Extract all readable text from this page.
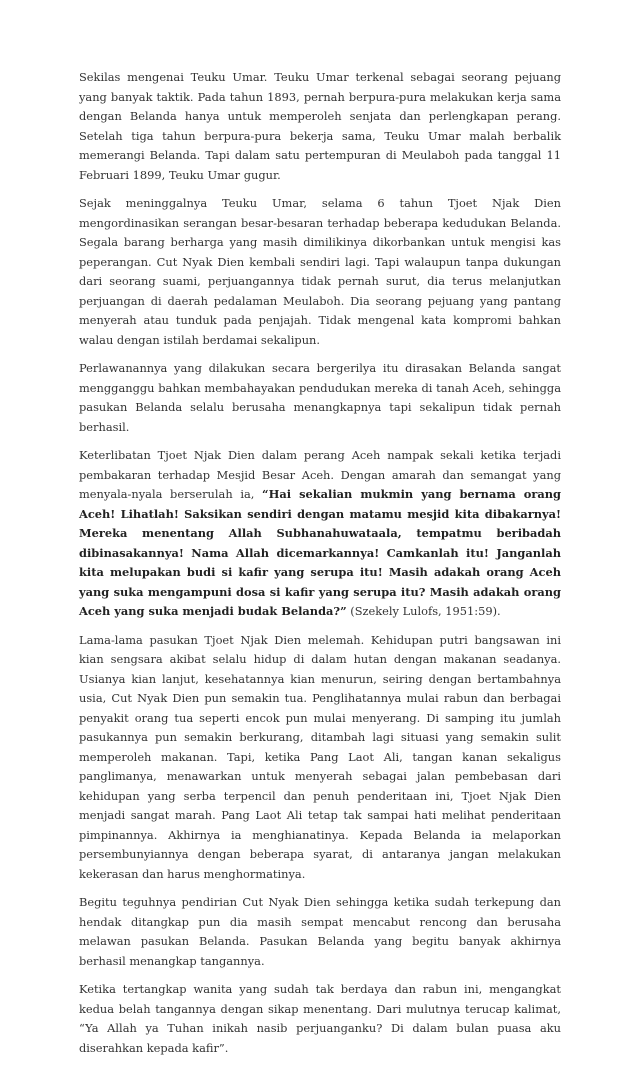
Sekilas mengenai Teuku Umar. Teuku Umar terkenal sebagai seorang pejuang yang banyak taktik. Pada tahun 1893, pernah berpura-pura melakukan kerja sama dengan Belanda hanya untuk memperoleh senjata dan perlengkapan perang. Setelah tiga tahun berpura-pura bekerja sama, Teuku Umar malah berbalik memerangi Belanda. Tapi dalam satu pertempuran di Meulaboh pada tanggal 11 Februari 1899, Teuku Umar gugur.

Sejak meninggalnya Teuku Umar, selama 6 tahun Tjoet Njak Dien mengordinasikan serangan besar-besaran terhadap beberapa kedudukan Belanda. Segala barang berharga yang masih dimilikinya dikorbankan untuk mengisi kas peperangan. Cut Nyak Dien kembali sendiri lagi. Tapi walaupun tanpa dukungan dari seorang suami, perjuangannya tidak pernah surut, dia terus melanjutkan perjuangan di daerah pedalaman Meulaboh. Dia seorang pejuang yang pantang menyerah atau tunduk pada penjajah. Tidak mengenal kata kompromi bahkan walau dengan istilah berdamai sekalipun.

Perlawanannya yang dilakukan secara bergerilya itu dirasakan Belanda sangat mengganggu bahkan membahayakan pendudukan mereka di tanah Aceh, sehingga pasukan Belanda selalu berusaha menangkapnya tapi sekalipun tidak pernah berhasil.

Keterlibatan Tjoet Njak Dien dalam perang Aceh nampak sekali ketika terjadi pembakaran terhadap Mesjid Besar Aceh. Dengan amarah dan semangat yang menyala-nyala berserulah ia, “Hai sekalian mukmin yang bernama orang Aceh! Lihatlah! Saksikan sendiri dengan matamu mesjid kita dibakarnya! Mereka menentang Allah Subhanahuwataala, tempatmu beribadah dibinasakannya! Nama Allah dicemarkannya! Camkanlah itu! Janganlah kita melupakan budi si kafir yang serupa itu! Masih adakah orang Aceh yang suka mengampuni dosa si kafir yang serupa itu? Masih adakah orang Aceh yang suka menjadi budak Belanda?” (Szekely Lulofs, 1951:59).

Lama-lama pasukan Tjoet Njak Dien melemah. Kehidupan putri bangsawan ini kian sengsara akibat selalu hidup di dalam hutan dengan makanan seadanya. Usianya kian lanjut, kesehatannya kian menurun, seiring dengan bertambahnya usia, Cut Nyak Dien pun semakin tua. Penglihatannya mulai rabun dan berbagai penyakit orang tua seperti encok pun mulai menyerang. Di samping itu jumlah pasukannya pun semakin berkurang, ditambah lagi situasi yang semakin sulit memperoleh makanan. Tapi, ketika Pang Laot Ali, tangan kanan sekaligus panglimanya, menawarkan untuk menyerah sebagai jalan pembebasan dari kehidupan yang serba terpencil dan penuh penderitaan ini, Tjoet Njak Dien menjadi sangat marah. Pang Laot Ali tetap tak sampai hati melihat penderitaan pimpinannya. Akhirnya ia menghianatinya. Kepada Belanda ia melaporkan persembunyiannya dengan beberapa syarat, di antaranya jangan melakukan kekerasan dan harus menghormatinya.

Begitu teguhnya pendirian Cut Nyak Dien sehingga ketika sudah terkepung dan hendak ditangkap pun dia masih sempat mencabut rencong dan berusaha melawan pasukan Belanda. Pasukan Belanda yang begitu banyak akhirnya berhasil menangkap tangannya.

Ketika tertangkap wanita yang sudah tak berdaya dan rabun ini, mengangkat kedua belah tangannya dengan sikap menentang. Dari mulutnya terucap kalimat, “Ya Allah ya Tuhan inikah nasib perjuanganku? Di dalam bulan puasa aku diserahkan kepada kafir”.
